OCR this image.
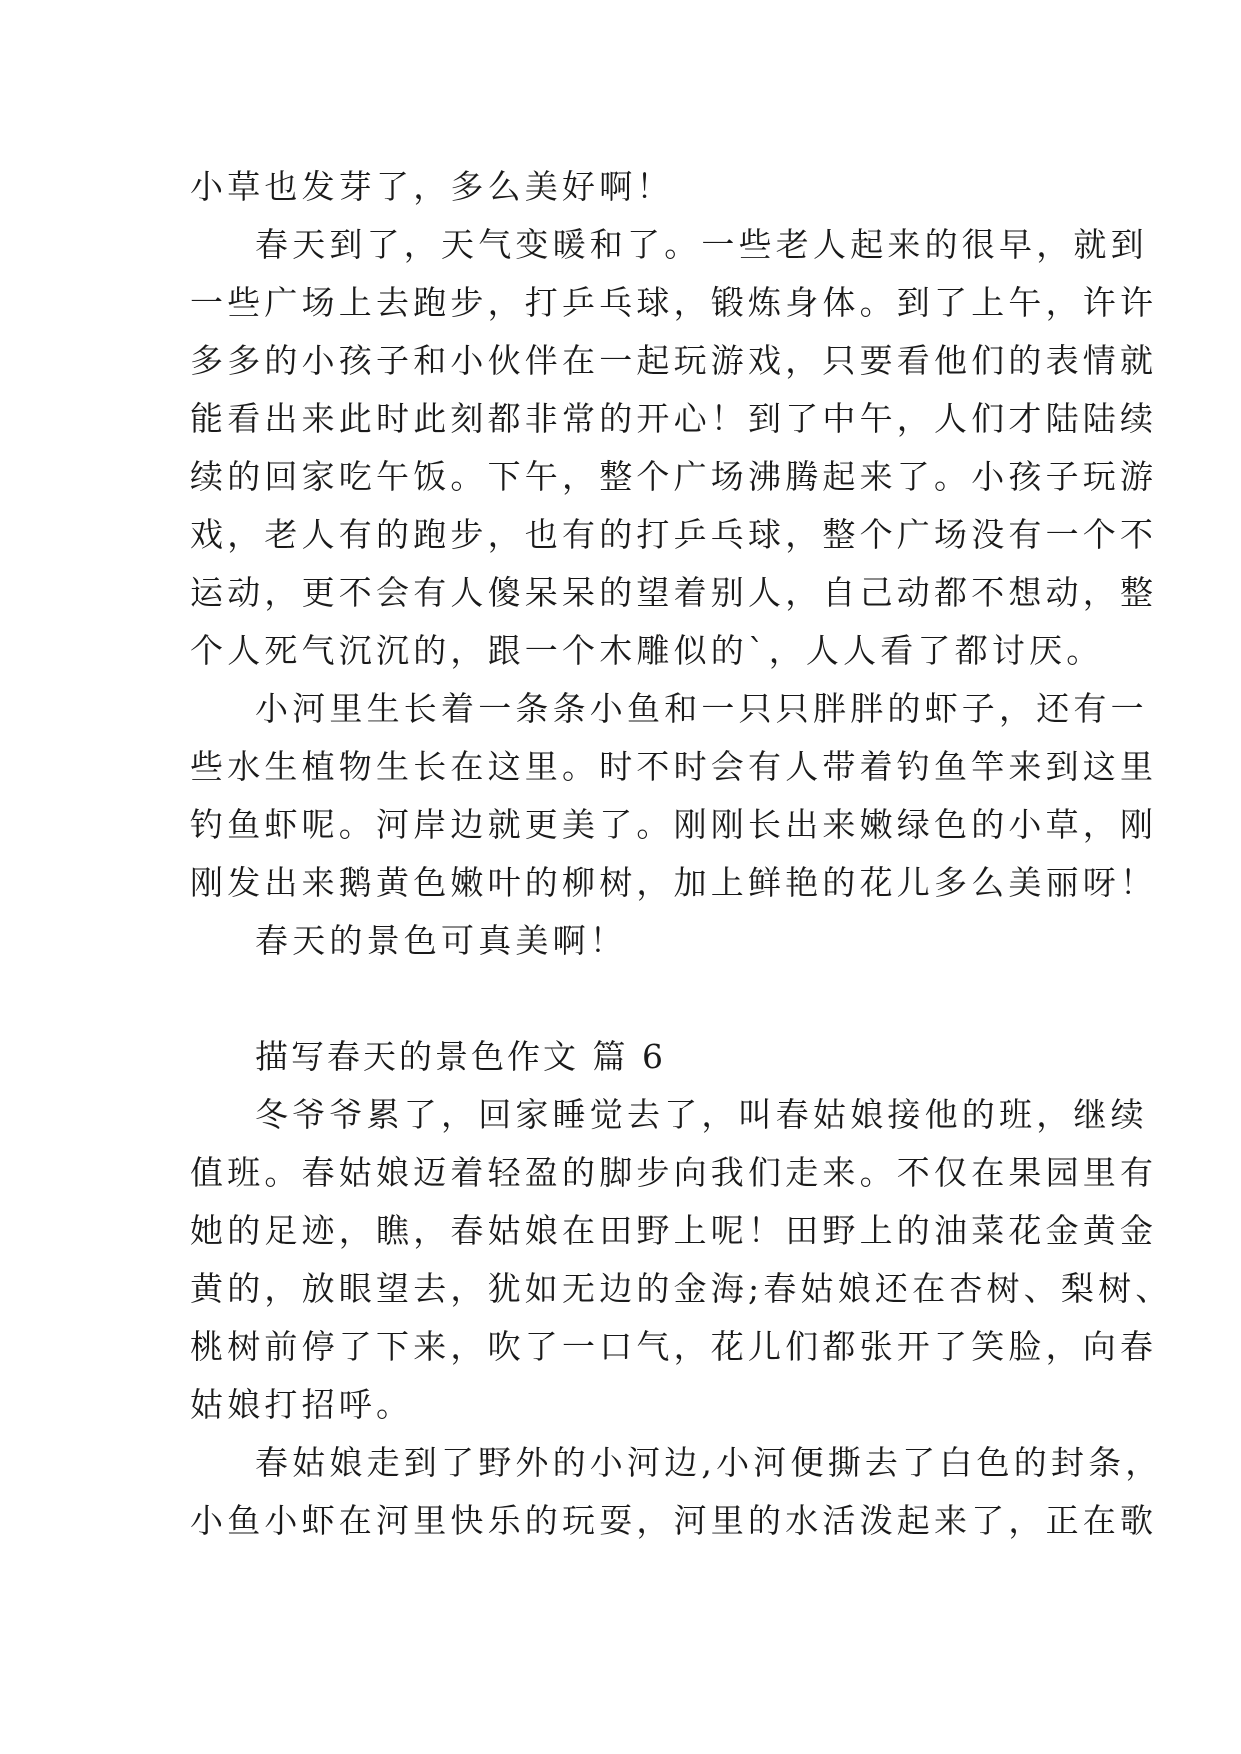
小草也发芽了，多么美好啊！
春天到了，天气变暖和了。一些老人起来的很早，就到
一些广场上去跑步，打乒乓球，锻炼身体。到了上午，许许
多多的小孩子和小伙伴在一起玩游戏，只要看他们的表情就
能看出来此时此刻都非常的开心！到了中午，人们才陆陆续
续的回家吃午饭。下午，整个广场沸腾起来了。小孩子玩游
戏，老人有的跑步，也有的打乒乓球，整个广场没有一个不
运动，更不会有人傻呆呆的望着别人，自己动都不想动，整
个人死气沉沉的，跟一个木雕似的`，人人看了都讨厌。
小河里生长着一条条小鱼和一只只胖胖的虾子，还有一
些水生植物生长在这里。时不时会有人带着钓鱼竿来到这里
钓鱼虾呢。河岸边就更美了。刚刚长出来嫩绿色的小草，刚
刚发出来鹅黄色嫩叶的柳树，加上鲜艳的花儿多么美丽呀！
春天的景色可真美啊！
描写春天的景色作文 篇 6
冬爷爷累了，回家睡觉去了，叫春姑娘接他的班，继续
值班。春姑娘迈着轻盈的脚步向我们走来。不仅在果园里有
她的足迹，瞧，春姑娘在田野上呢！田野上的油菜花金黄金
黄的，放眼望去，犹如无边的金海;春姑娘还在杏树、梨树、
桃树前停了下来，吹了一口气，花儿们都张开了笑脸，向春
姑娘打招呼。
春姑娘走到了野外的小河边,小河便撕去了白色的封条，
小鱼小虾在河里快乐的玩耍，河里的水活泼起来了，正在歌
